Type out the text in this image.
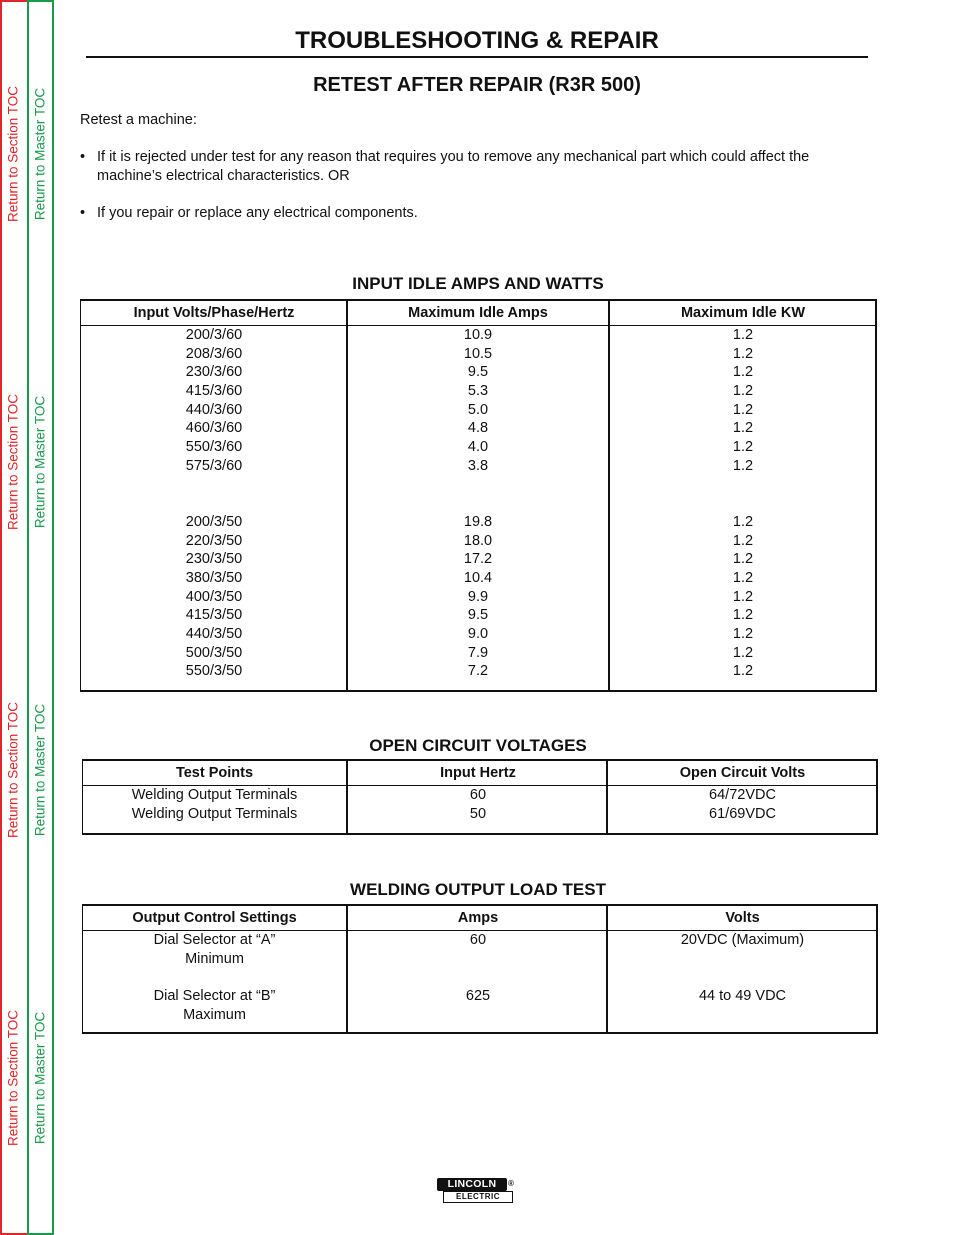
Return to Section TOC
Return to Section TOC
Return to Section TOC
Return to Section TOC
Return to Master TOC
Return to Master TOC
Return to Master TOC
Return to Master TOC
TROUBLESHOOTING & REPAIR
RETEST AFTER REPAIR (R3R 500)
Retest a machine:
• If it is rejected under test for any reason that requires you to remove any mechanical part which could affect the
machine’s electrical characteristics. OR
• If you repair or replace any electrical components.
INPUT IDLE AMPS AND WATTS
Input Volts/Phase/Hertz
200/3/60
208/3/60
230/3/60
415/3/60
440/3/60
460/3/60
550/3/60
575/3/60
200/3/50
220/3/50
230/3/50
380/3/50
400/3/50
415/3/50
440/3/50
500/3/50
550/3/50
Maximum Idle Amps
10.9
10.5
9.5
5.3
5.0
4.8
4.0
3.8
19.8
18.0
17.2
10.4
9.9
9.5
9.0
7.9
7.2
Maximum Idle KW
1.2
1.2
1.2
1.2
1.2
1.2
1.2
1.2
1.2
1.2
1.2
1.2
1.2
1.2
1.2
1.2
1.2
OPEN CIRCUIT VOLTAGES
Test Points
Welding Output Terminals
Welding Output Terminals
Input Hertz
60
50
Open Circuit Volts
64/72VDC
61/69VDC
WELDING OUTPUT LOAD TEST
Output Control Settings
Dial Selector at “A”
Minimum
Dial Selector at “B”
Maximum
Amps
60
625
Volts
20VDC (Maximum)
44 to 49 VDC
LINCOLN
ELECTRIC
®
